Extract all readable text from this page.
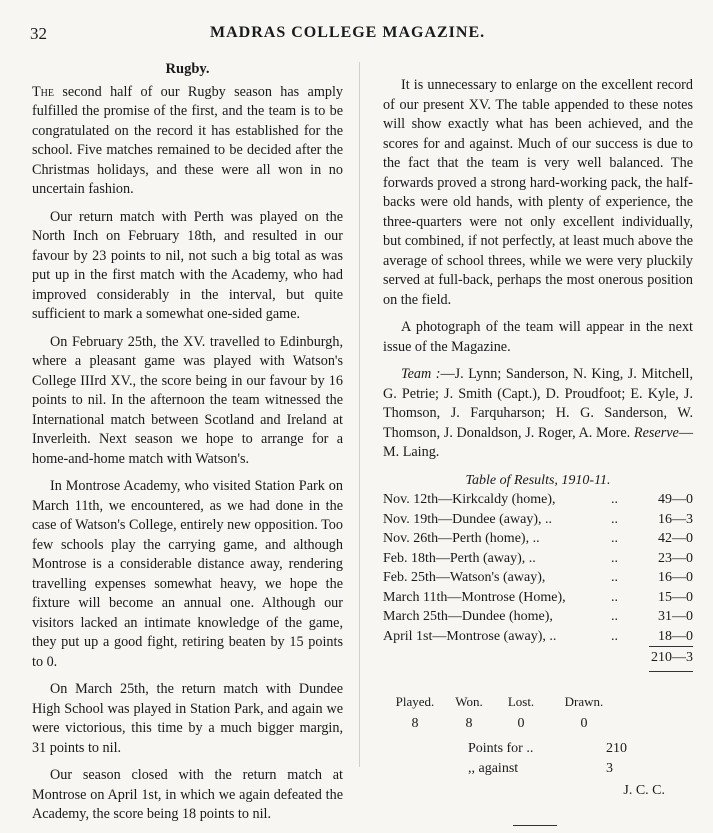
32	MADRAS COLLEGE MAGAZINE.
Rugby.

The second half of our Rugby season has amply fulfilled the promise of the first, and the team is to be congratulated on the record it has established for the school. Five matches remained to be decided after the Christmas holidays, and these were all won in no uncertain fashion.

Our return match with Perth was played on the North Inch on February 18th, and resulted in our favour by 23 points to nil, not such a big total as was put up in the first match with the Academy, who had improved considerably in the interval, but quite sufficient to mark a somewhat one-sided game.

On February 25th, the XV. travelled to Edinburgh, where a pleasant game was played with Watson's College IIIrd XV., the score being in our favour by 16 points to nil. In the afternoon the team witnessed the International match between Scotland and Ireland at Inverleith. Next season we hope to arrange for a home-and-home match with Watson's.

In Montrose Academy, who visited Station Park on March 11th, we encountered, as we had done in the case of Watson's College, entirely new opposition. Too few schools play the carrying game, and although Montrose is a considerable distance away, rendering travelling expenses somewhat heavy, we hope the fixture will become an annual one. Although our visitors lacked an intimate knowledge of the game, they put up a good fight, retiring beaten by 15 points to 0.

On March 25th, the return match with Dundee High School was played in Station Park, and again we were victorious, this time by a much bigger margin, 31 points to nil.

Our season closed with the return match at Montrose on April 1st, in which we again defeated the Academy, the score being 18 points to nil.

It is unnecessary to enlarge on the excellent record of our present XV. The table appended to these notes will show exactly what has been achieved, and the scores for and against. Much of our success is due to the fact that the team is very well balanced. The forwards proved a strong hard-working pack, the half-backs were old hands, with plenty of experience, the three-quarters were not only excellent individually, but combined, if not perfectly, at least much above the average of school threes, while we were very pluckily served at full-back, perhaps the most onerous position on the field.

A photograph of the team will appear in the next issue of the Magazine.

Team :—J. Lynn; Sanderson, N. King, J. Mitchell, G. Petrie; J. Smith (Capt.), D. Proudfoot; E. Kyle, J. Thomson, J. Farquharson; H. G. Sanderson, W. Thomson, J. Donaldson, J. Roger, A. More. Reserve—M. Laing.

Table of Results, 1910-11.
Nov. 12th—Kirkcaldy (home),	..	49—0
Nov. 19th—Dundee (away), ..	..	16—3
Nov. 26th—Perth (home), ..	..	42—0
Feb. 18th—Perth (away), ..	..	23—0
Feb. 25th—Watson's (away),	..	16—0
March 11th—Montrose (Home),	..	15—0
March 25th—Dundee (home),	..	31—0
April 1st—Montrose (away), ..	..	18—0
210—3
Played.	Won.	Lost.	Drawn.
8	8	0	0
Points for ..	210
,, against	3
J. C. C.
